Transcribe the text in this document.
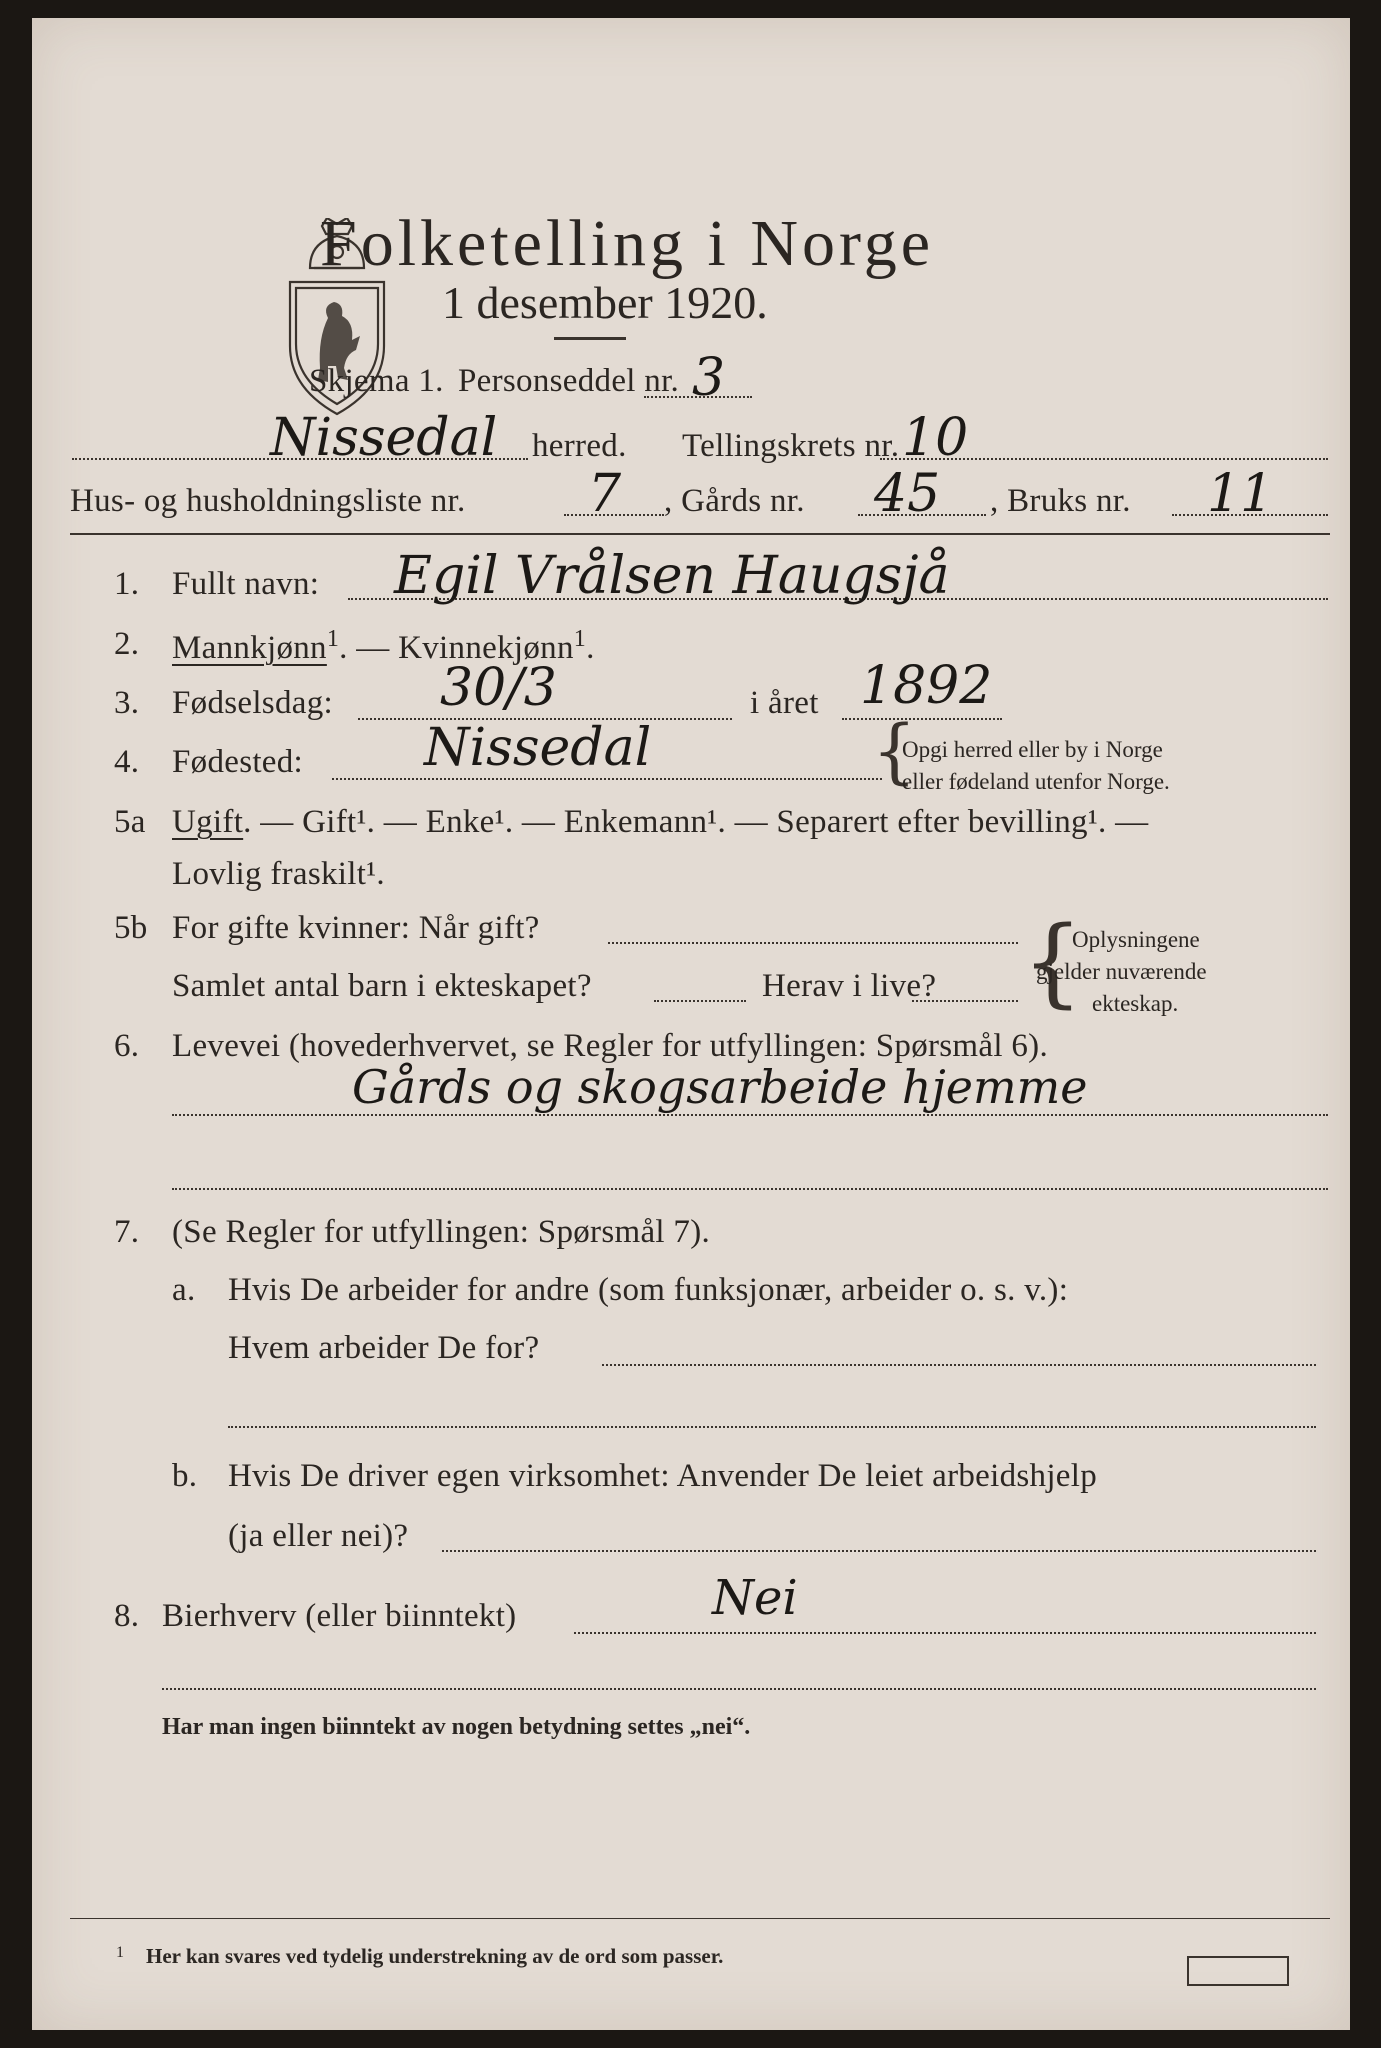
Folketelling i Norge
1 desember 1920.
Skjema 1. Personseddel nr. 3
Nissedal herred. Tellingskrets nr. 10
Hus- og husholdningsliste nr. 7 , Gårds nr. 45 , Bruks nr. 11
1. Fullt navn: Egil Vrålsen Haugsjå
2. Mannkjønn$^1$. — Kvinnekjønn$^1$.
3. Fødselsdag: 30/3	i året 1892
4. Fødested: Nissedal	{
Opgi herred eller by i Norge
eller fødeland utenfor Norge.
5a Ugift. — Gift¹. — Enke¹. — Enkemann¹. — Separert efter bevilling¹. —
Lovlig fraskilt¹.
5b For gifte kvinner: Når gift?
Samlet antal barn i ekteskapet?	Herav i live? {
Oplysningene
gjelder nuværende
ekteskap.
6. Levevei (hovederhvervet, se Regler for utfyllingen: Spørsmål 6).
Gårds og skogsarbeide hjemme
7. (Se Regler for utfyllingen: Spørsmål 7).
a. Hvis De arbeider for andre (som funksjonær, arbeider o. s. v.):
Hvem arbeider De for?
b. Hvis De driver egen virksomhet: Anvender De leiet arbeidshjelp
(ja eller nei)?
8. Bierhverv (eller biinntekt)	Nei
Har man ingen biinntekt av nogen betydning settes „nei“.
1 Her kan svares ved tydelig understrekning av de ord som passer.
